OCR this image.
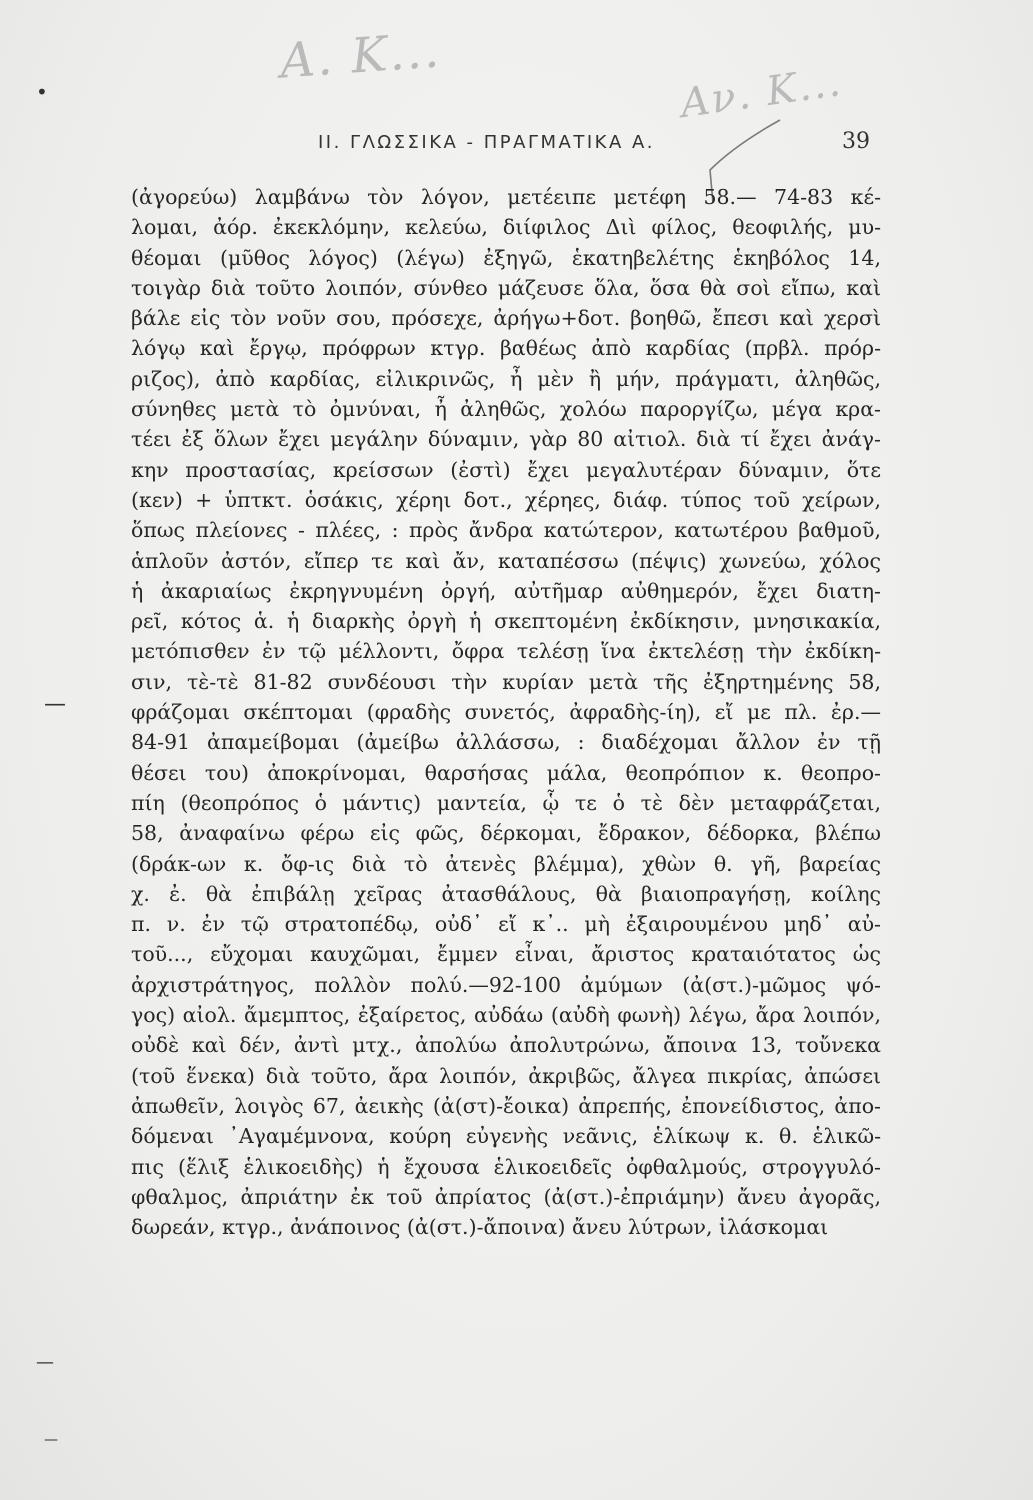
Α. Κ...
Αν. Κ...
•
—
—
—
ΙΙ. ΓΛΩΣΣΙΚΑ - ΠΡΑΓΜΑΤΙΚΑ Α.	39
(ἀγορεύω) λαμβάνω τὸν λόγον, μετέειπε μετέφη 58.— 74-83 κέ-
λομαι, ἀόρ. ἐκεκλόμην, κελεύω, διίφιλος Διὶ φίλος, θεοφιλής, μυ-
θέομαι (μῦθος λόγος) (λέγω) ἐξηγῶ, ἑκατηβελέτης ἑκηβόλος 14,
τοιγὰρ διὰ τοῦτο λοιπόν, σύνθεο μάζευσε ὅλα, ὅσα θὰ σοὶ εἴπω, καὶ
βάλε εἰς τὸν νοῦν σου, πρόσεχε, ἀρήγω+δοτ. βοηθῶ, ἔπεσι καὶ χερσὶ
λόγῳ καὶ ἔργῳ, πρόφρων κτγρ. βαθέως ἀπὸ καρδίας (πρβλ. πρόρ-
ριζος), ἀπὸ καρδίας, εἰλικρινῶς, ἦ μὲν ἢ μήν, πράγματι, ἀληθῶς,
σύνηθες μετὰ τὸ ὀμνύναι, ἦ ἀληθῶς, χολόω παροργίζω, μέγα κρα-
τέει ἐξ ὅλων ἔχει μεγάλην δύναμιν, γὰρ 80 αἰτιολ. διὰ τί ἔχει ἀνάγ-
κην προστασίας, κρείσσων (ἐστὶ) ἔχει μεγαλυτέραν δύναμιν, ὅτε
(κεν) + ὑπτκτ. ὁσάκις, χέρηι δοτ., χέρηες, διάφ. τύπος τοῦ χείρων,
ὅπως πλείονες - πλέες, : πρὸς ἄνδρα κατώτερον, κατωτέρου βαθμοῦ,
ἁπλοῦν ἀστόν, εἴπερ τε καὶ ἄν, καταπέσσω (πέψις) χωνεύω, χόλος
ἡ ἀκαριαίως ἐκρηγνυμένη ὀργή, αὐτῆμαρ αὐθημερόν, ἔχει διατη-
ρεῖ, κότος ἁ. ἡ διαρκὴς ὀργὴ ἡ σκεπτομένη ἐκδίκησιν, μνησικακία,
μετόπισθεν ἐν τῷ μέλλοντι, ὄφρα τελέσῃ ἵνα ἐκτελέσῃ τὴν ἐκδίκη-
σιν, τὲ-τὲ 81-82 συνδέουσι τὴν κυρίαν μετὰ τῆς ἐξηρτημένης 58,
φράζομαι σκέπτομαι (φραδὴς συνετός, ἀφραδὴς-ίη), εἴ με πλ. ἐρ.—
84-91 ἀπαμείβομαι (ἀμείβω ἀλλάσσω, : διαδέχομαι ἄλλον ἐν τῇ
θέσει του) ἀποκρίνομαι, θαρσήσας μάλα, θεοπρόπιον κ. θεοπρο-
πίη (θεοπρόπος ὁ μάντις) μαντεία, ᾧ τε ὁ τὲ δὲν μεταφράζεται,
58, ἀναφαίνω φέρω εἰς φῶς, δέρκομαι, ἔδρακον, δέδορκα, βλέπω
(δράκ-ων κ. ὄφ-ις διὰ τὸ ἀτενὲς βλέμμα), χθὼν θ. γῆ, βαρείας
χ. ἐ. θὰ ἐπιβάλῃ χεῖρας ἀτασθάλους, θὰ βιαιοπραγήσῃ, κοίλης
π. ν. ἐν τῷ στρατοπέδῳ, οὐδ᾽ εἴ κ᾽.. μὴ ἐξαιρουμένου μηδ᾽ αὐ-
τοῦ..., εὔχομαι καυχῶμαι, ἔμμεν εἶναι, ἄριστος κραταιότατος ὡς
ἀρχιστράτηγος, πολλὸν πολύ.—92-100 ἀμύμων (ἀ(στ.)-μῶμος ψό-
γος) αἰολ. ἄμεμπτος, ἐξαίρετος, αὐδάω (αὐδὴ φωνὴ) λέγω, ἄρα λοιπόν,
οὐδὲ καὶ δέν, ἀντὶ μτχ., ἀπολύω ἀπολυτρώνω, ἄποινα 13, τοὔνεκα
(τοῦ ἕνεκα) διὰ τοῦτο, ἄρα λοιπόν, ἀκριβῶς, ἄλγεα πικρίας, ἀπώσει
ἀπωθεῖν, λοιγὸς 67, ἀεικὴς (ἀ(στ)-ἔοικα) ἀπρεπής, ἐπονείδιστος, ἀπο-
δόμεναι ᾿Αγαμέμνονα, κούρη εὐγενὴς νεᾶνις, ἑλίκωψ κ. θ. ἑλικῶ-
πις (ἕλιξ ἑλικοειδὴς) ἡ ἔχουσα ἑλικοειδεῖς ὀφθαλμούς, στρογγυλό-
φθαλμος, ἀπριάτην ἐκ τοῦ ἀπρίατος (ἀ(στ.)-ἐπριάμην) ἄνευ ἀγορᾶς,
δωρεάν, κτγρ., ἀνάποινος (ἀ(στ.)-ἄποινα) ἄνευ λύτρων, ἱλάσκομαι
